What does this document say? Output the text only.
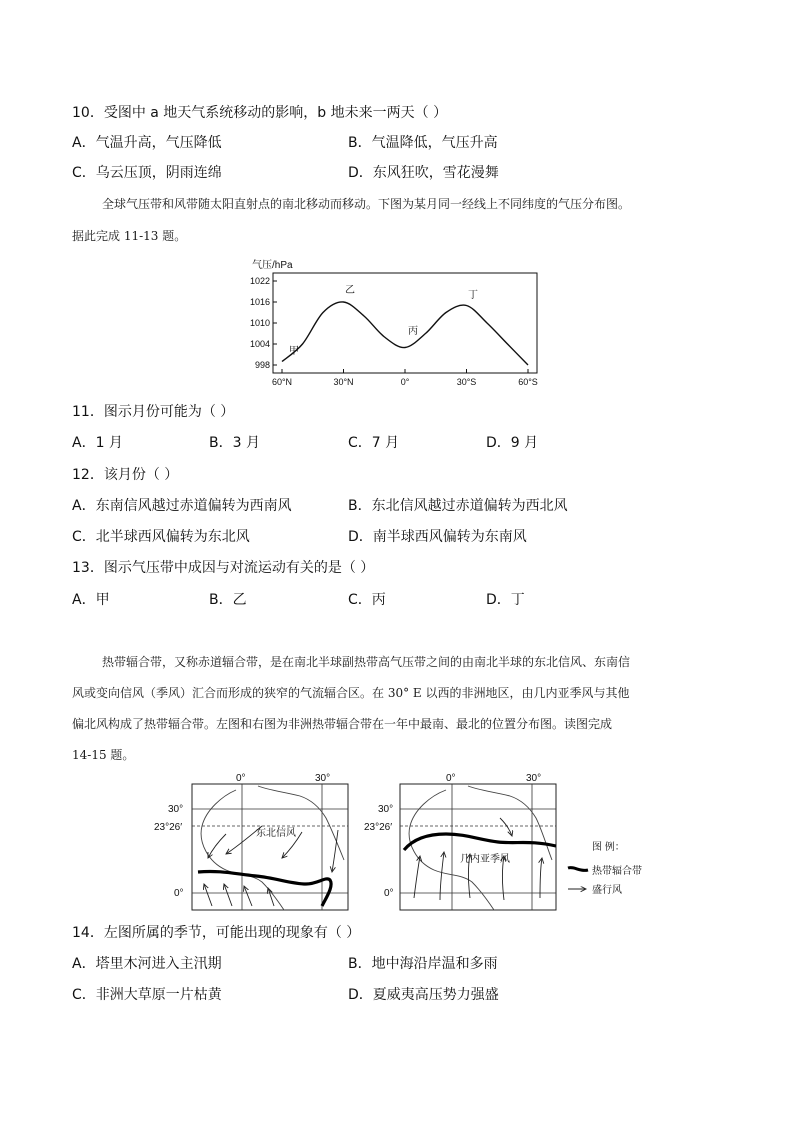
10．受图中 a 地天气系统移动的影响，b 地未来一两天（ ）
A．气温升高，气压降低	B．气温降低，气压升高
C．乌云压顶，阴雨连绵	D．东风狂吹，雪花漫舞
全球气压带和风带随太阳直射点的南北移动而移动。下图为某月同一经线上不同纬度的气压分布图。
据此完成 11-13 题。
气压/hPa
1022
1016
1010
1004
998
60°N	30°N	0°	30°S	60°S
甲
乙
丙
丁
11．图示月份可能为（ ）
A．1 月	B．3 月	C．7 月	D．9 月
12．该月份（ ）
A．东南信风越过赤道偏转为西南风	B．东北信风越过赤道偏转为西北风
C．北半球西风偏转为东北风	D．南半球西风偏转为东南风
13．图示气压带中成因与对流运动有关的是（ ）
A．甲	B．乙	C．丙	D．丁
热带辐合带，又称赤道辐合带，是在南北半球副热带高气压带之间的由南北半球的东北信风、东南信
风或变向信风（季风）汇合而形成的狭窄的气流辐合区。在 30° E 以西的非洲地区，由几内亚季风与其他
偏北风构成了热带辐合带。左图和右图为非洲热带辐合带在一年中最南、最北的位置分布图。读图完成
14-15 题。
0°	30°
30°
23°26′
0°
东北信风
0°	30°
30°
23°26′
0°
几内亚季风
图 例：
热带辐合带
盛行风
14．左图所属的季节，可能出现的现象有（ ）
A．塔里木河进入主汛期	B．地中海沿岸温和多雨
C．非洲大草原一片枯黄	D．夏威夷高压势力强盛
